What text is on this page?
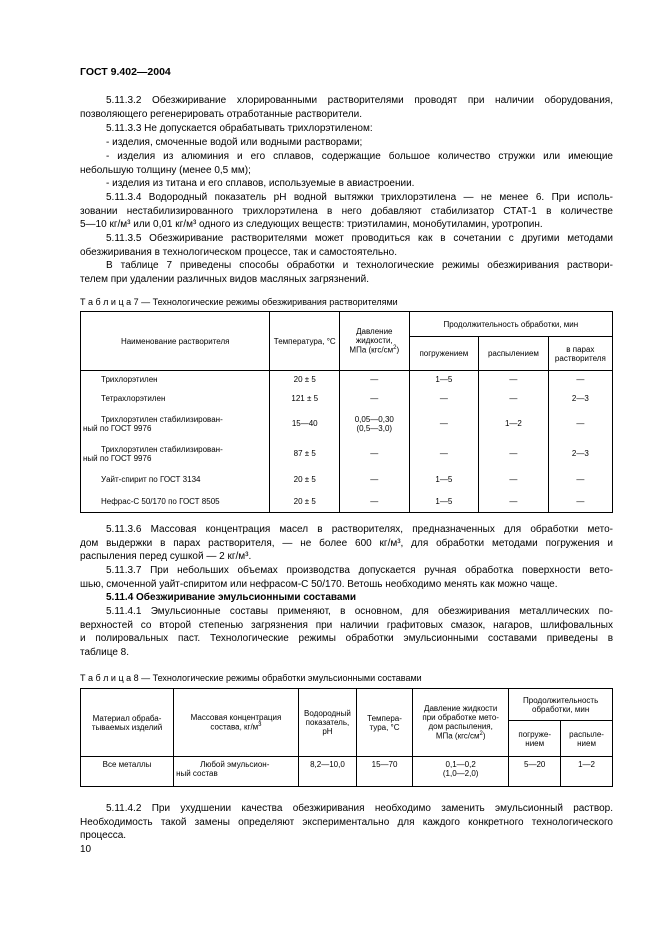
ГОСТ 9.402—2004
5.11.3.2 Обезжиривание хлорированными растворителями проводят при наличии оборудования,
позволяющего регенерировать отработанные растворители.
5.11.3.3 Не допускается обрабатывать трихлорэтиленом:
- изделия, смоченные водой или водными растворами;
- изделия из алюминия и его сплавов, содержащие большое количество стружки или имеющие
небольшую толщину (менее 0,5 мм);
- изделия из титана и его сплавов, используемые в авиастроении.
5.11.3.4 Водородный показатель pH водной вытяжки трихлорэтилена — не менее 6. При исполь-
зовании нестабилизированного трихлорэтилена в него добавляют стабилизатор СТАТ-1 в количестве
5—10 кг/м³ или 0,01 кг/м³ одного из следующих веществ: триэтиламин, монобутиламин, уротропин.
5.11.3.5 Обезжиривание растворителями может проводиться как в сочетании с другими методами
обезжиривания в технологическом процессе, так и самостоятельно.
В таблице 7 приведены способы обработки и технологические режимы обезжиривания раствори-
телем при удалении различных видов масляных загрязнений.
Т а б л и ц а 7 — Технологические режимы обезжиривания растворителями
Наименование растворителя	Температура, °С	Давление
жидкости,
МПа $(кгс/см^2)$	Продолжительность обработки, мин		
			погружением	распылением	в парах растворителя
Трихлорэтилен	20 ± 5	—	1—5	—	—
Тетрахлорэтилен	121 ± 5	—	—	—	2—3
Трихлорэтилен стабилизирован-
ный по ГОСТ 9976	15—40	0,05—0,30
(0,5—3,0)	—	1—2	—
Трихлорэтилен стабилизирован-
ный по ГОСТ 9976	87 ± 5	—	—	—	2—3
Уайт-спирит по ГОСТ 3134	20 ± 5	—	1—5	—	—
Нефрас-С 50/170 по ГОСТ 8505	20 ± 5	—	1—5	—	—
5.11.3.6 Массовая концентрация масел в растворителях, предназначенных для обработки мето-
дом выдержки в парах растворителя, — не более 600 кг/м³, для обработки методами погружения и
распыления перед сушкой — 2 кг/м³.
5.11.3.7 При небольших объемах производства допускается ручная обработка поверхности вето-
шью, смоченной уайт-спиритом или нефрасом-С 50/170. Ветошь необходимо менять как можно чаще.
5.11.4 Обезжиривание эмульсионными составами
5.11.4.1 Эмульсионные составы применяют, в основном, для обезжиривания металлических по-
верхностей со второй степенью загрязнения при наличии графитовых смазок, нагаров, шлифовальных
и полировальных паст. Технологические режимы обработки эмульсионными составами приведены в
таблице 8.
Т а б л и ц а 8 — Технологические режимы обработки эмульсионными составами
Материал обраба-
тываемых изделий	Массовая концентрация
состава, $кг/м^3$	Водородный
показатель,
pH	Темпера-
тура, °С	Давление жидкости
при обработке мето-
дом распыления,
МПа $(кгс/см^2)$	Продолжительность
обработки, мин	
					погруже-
нием	распыле-
нием
Все металлы	Любой эмульсион-
ный состав	8,2—10,0	15—70	0,1—0,2
(1,0—2,0)	5—20	1—2
5.11.4.2 При ухудшении качества обезжиривания необходимо заменить эмульсионный раствор.
Необходимость такой замены определяют экспериментально для каждого конкретного технологического
процесса.
10
